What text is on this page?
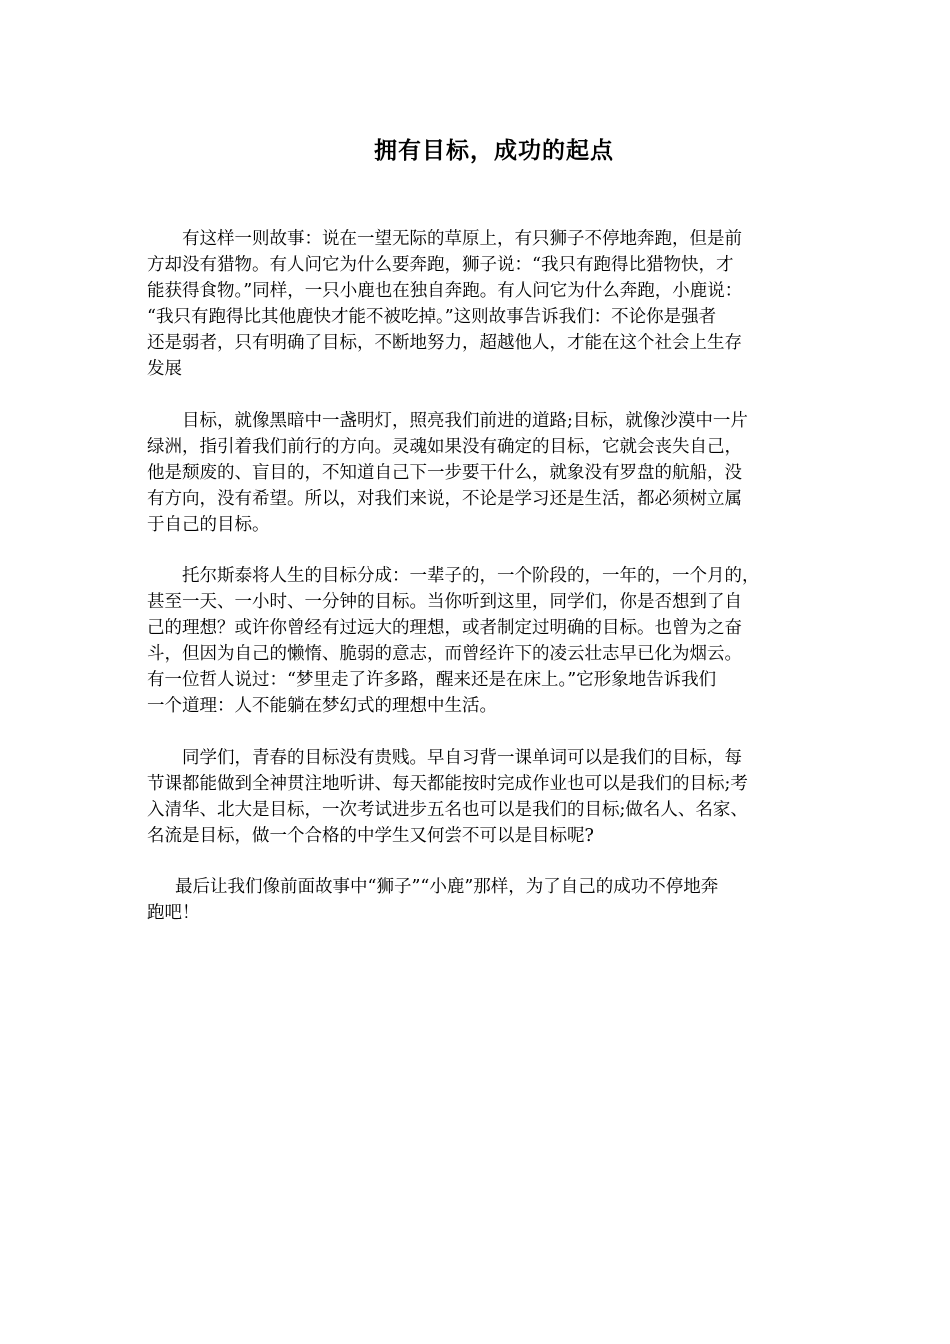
拥有目标，成功的起点

有这样一则故事：说在一望无际的草原上，有只狮子不停地奔跑，但是前
方却没有猎物。有人问它为什么要奔跑，狮子说：“我只有跑得比猎物快，才
能获得食物。”同样，一只小鹿也在独自奔跑。有人问它为什么奔跑，小鹿说：
“我只有跑得比其他鹿快才能不被吃掉。”这则故事告诉我们：不论你是强者
还是弱者，只有明确了目标，不断地努力，超越他人，才能在这个社会上生存
发展

目标，就像黑暗中一盏明灯，照亮我们前进的道路;目标，就像沙漠中一片
绿洲，指引着我们前行的方向。灵魂如果没有确定的目标，它就会丧失自己，
他是颓废的、盲目的，不知道自己下一步要干什么，就象没有罗盘的航船，没
有方向，没有希望。所以，对我们来说，不论是学习还是生活，都必须树立属
于自己的目标。

托尔斯泰将人生的目标分成：一辈子的，一个阶段的，一年的，一个月的，
甚至一天、一小时、一分钟的目标。当你听到这里，同学们，你是否想到了自
己的理想？或许你曾经有过远大的理想，或者制定过明确的目标。也曾为之奋
斗，但因为自己的懒惰、脆弱的意志，而曾经许下的凌云壮志早已化为烟云。
有一位哲人说过：“梦里走了许多路，醒来还是在床上。”它形象地告诉我们
一个道理：人不能躺在梦幻式的理想中生活。

同学们，青春的目标没有贵贱。早自习背一课单词可以是我们的目标，每
节课都能做到全神贯注地听讲、每天都能按时完成作业也可以是我们的目标;考
入清华、北大是目标，一次考试进步五名也可以是我们的目标;做名人、名家、
名流是目标，做一个合格的中学生又何尝不可以是目标呢?

最后让我们像前面故事中“狮子”“小鹿”那样，为了自己的成功不停地奔
跑吧！
